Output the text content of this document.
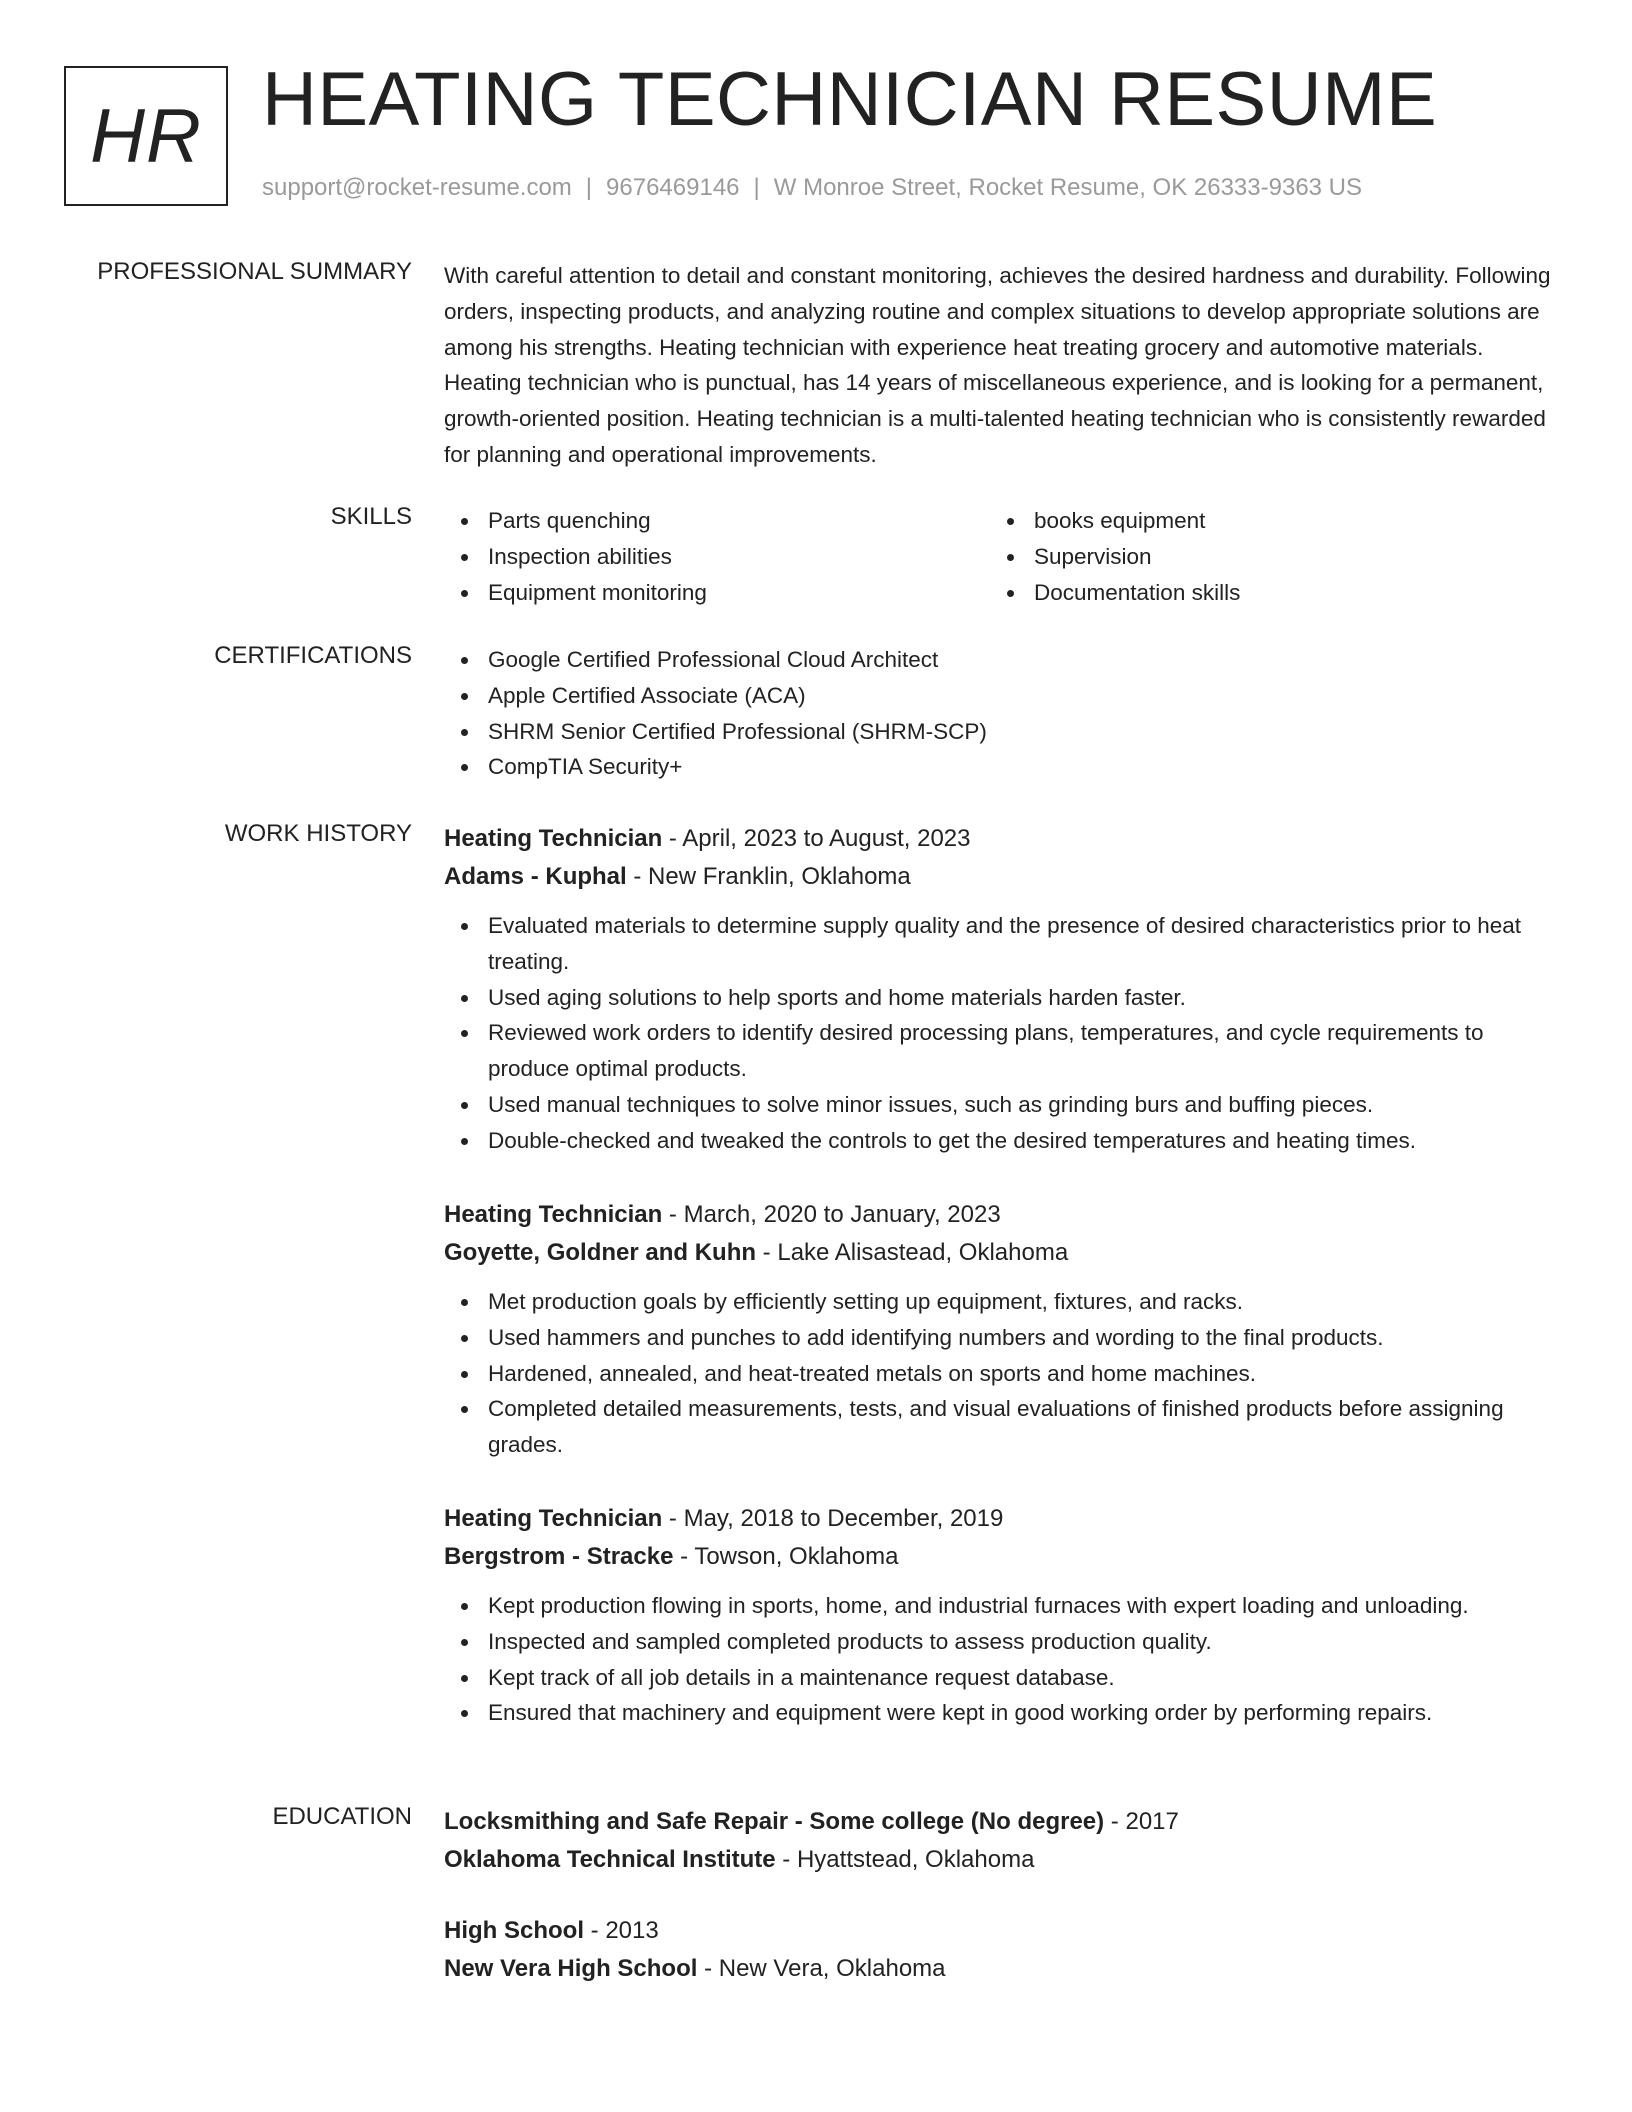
HR HEATING TECHNICIAN RESUME
support@rocket-resume.com | 9676469146 | W Monroe Street, Rocket Resume, OK 26333-9363 US
PROFESSIONAL SUMMARY With careful attention to detail and constant monitoring, achieves the desired hardness and durability. Following orders, inspecting products, and analyzing routine and complex situations to develop appropriate solutions are among his strengths. Heating technician with experience heat treating grocery and automotive materials. Heating technician who is punctual, has 14 years of miscellaneous experience, and is looking for a permanent, growth-oriented position. Heating technician is a multi-talented heating technician who is consistently rewarded for planning and operational improvements.

SKILLS	Parts quenching
Inspection abilities
Equipment monitoring
books equipment
Supervision
Documentation skills
CERTIFICATIONS	Google Certified Professional Cloud Architect
Apple Certified Associate (ACA)
SHRM Senior Certified Professional (SHRM-SCP)
CompTIA Security+
WORK HISTORY Heating Technician - April, 2023 to August, 2023
Adams - Kuphal - New Franklin, Oklahoma
Evaluated materials to determine supply quality and the presence of desired characteristics prior to heat treating.
Used aging solutions to help sports and home materials harden faster.
Reviewed work orders to identify desired processing plans, temperatures, and cycle requirements to produce optimal products.
Used manual techniques to solve minor issues, such as grinding burs and buffing pieces.
Double-checked and tweaked the controls to get the desired temperatures and heating times.
Heating Technician - March, 2020 to January, 2023
Goyette, Goldner and Kuhn - Lake Alisastead, Oklahoma
Met production goals by efficiently setting up equipment, fixtures, and racks.
Used hammers and punches to add identifying numbers and wording to the final products.
Hardened, annealed, and heat-treated metals on sports and home machines.
Completed detailed measurements, tests, and visual evaluations of finished products before assigning grades.
Heating Technician - May, 2018 to December, 2019
Bergstrom - Stracke - Towson, Oklahoma
Kept production flowing in sports, home, and industrial furnaces with expert loading and unloading.
Inspected and sampled completed products to assess production quality.
Kept track of all job details in a maintenance request database.
Ensured that machinery and equipment were kept in good working order by performing repairs.
EDUCATION Locksmithing and Safe Repair - Some college (No degree) - 2017
Oklahoma Technical Institute - Hyattstead, Oklahoma
High School - 2013
New Vera High School - New Vera, Oklahoma
